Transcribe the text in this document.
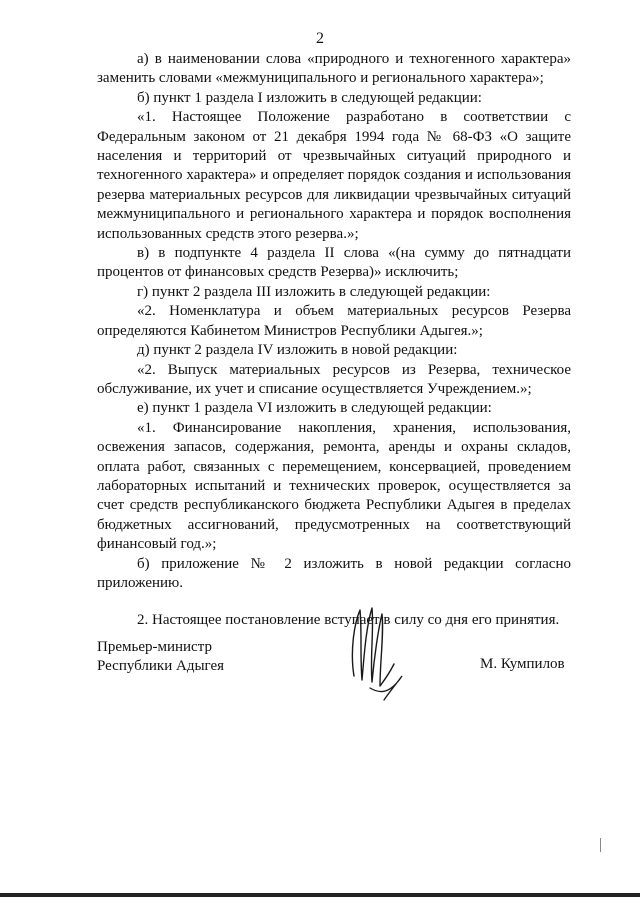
2

а) в наименовании слова «природного и техногенного характера» заменить словами «межмуниципального и регионального характера»;

б) пункт 1 раздела I изложить в следующей редакции:

«1. Настоящее Положение разработано в соответствии с Федеральным законом от 21 декабря 1994 года № 68-ФЗ «О защите населения и территорий от чрезвычайных ситуаций природного и техногенного характера» и определяет порядок создания и использования резерва материальных ресурсов для ликвидации чрезвычайных ситуаций межмуниципального и регионального характера и порядок восполнения использованных средств этого резерва.»;

в) в подпункте 4 раздела II слова «(на сумму до пятнадцати процентов от финансовых средств Резерва)» исключить;

г) пункт 2 раздела III изложить в следующей редакции:

«2. Номенклатура и объем материальных ресурсов Резерва определяются Кабинетом Министров Республики Адыгея.»;

д) пункт 2 раздела IV изложить в новой редакции:

«2. Выпуск материальных ресурсов из Резерва, техническое обслуживание, их учет и списание осуществляется Учреждением.»;

е) пункт 1 раздела VI изложить в следующей редакции:

«1. Финансирование накопления, хранения, использования, освежения запасов, содержания, ремонта, аренды и охраны складов, оплата работ, связанных с перемещением, консервацией, проведением лабораторных испытаний и технических проверок, осуществляется за счет средств республиканского бюджета Республики Адыгея в пределах бюджетных ассигнований, предусмотренных на соответствующий финансовый год.»;

б) приложение № 2 изложить в новой редакции согласно приложению.

2. Настоящее постановление вступает в силу со дня его принятия.

Премьер-министр
Республики Адыгея	М. Кумпилов
